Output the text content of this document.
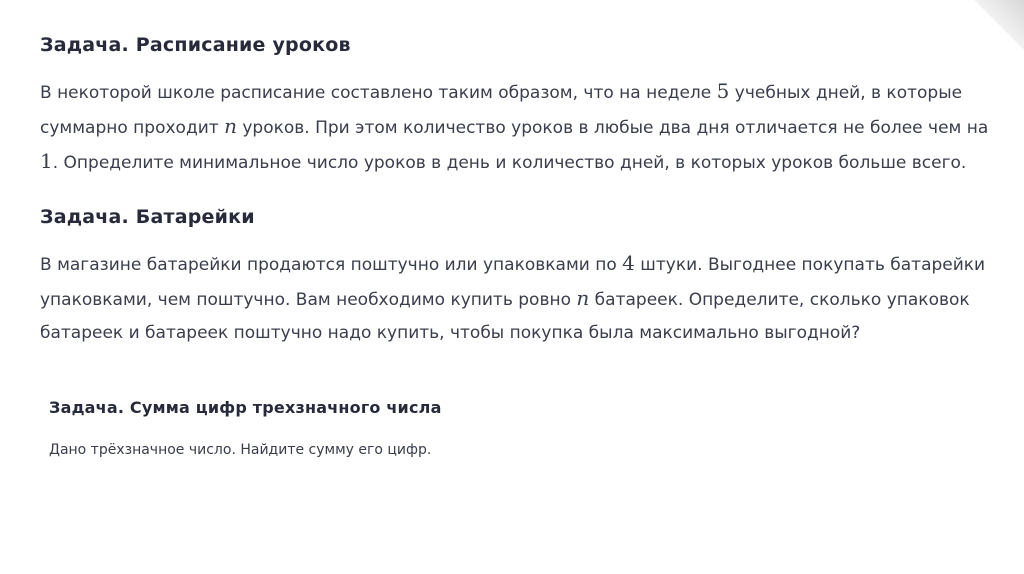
Задача. Расписание уроков

В некоторой школе расписание составлено таким образом, что на неделе 5 учебных дней, в которые суммарно проходит n уроков. При этом количество уроков в любые два дня отличается не более чем на 1. Определите минимальное число уроков в день и количество дней, в которых уроков больше всего.

Задача. Батарейки

В магазине батарейки продаются поштучно или упаковками по 4 штуки. Выгоднее покупать батарейки упаковками, чем поштучно. Вам необходимо купить ровно n батареек. Определите, сколько упаковок батареек и батареек поштучно надо купить, чтобы покупка была максимально выгодной?

Задача. Сумма цифр трехзначного числа

Дано трёхзначное число. Найдите сумму его цифр.
